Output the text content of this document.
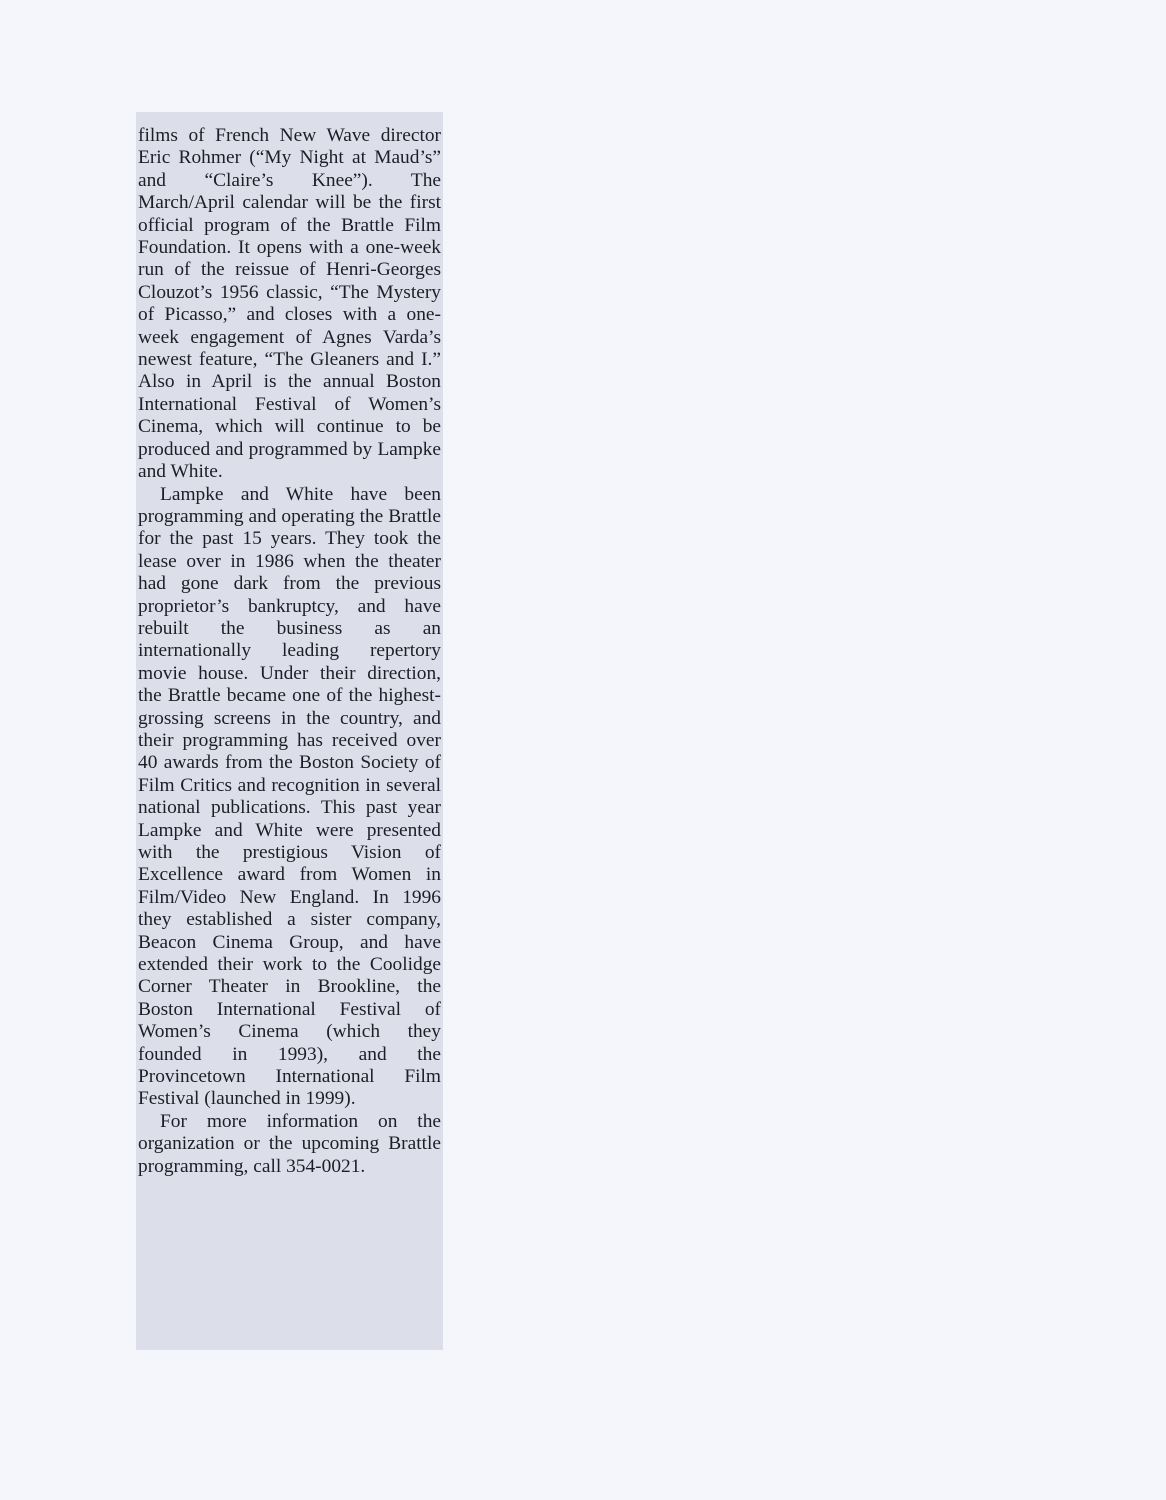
films of French New Wave director Eric Rohmer (“My Night at Maud’s” and “Claire’s Knee”). The March/April calendar will be the first official program of the Brattle Film Foundation. It opens with a one-week run of the reissue of Henri-Georges Clouzot’s 1956 classic, “The Mystery of Picasso,” and closes with a one-week engagement of Agnes Varda’s newest feature, “The Gleaners and I.” Also in April is the annual Boston International Festival of Women’s Cinema, which will continue to be produced and programmed by Lampke and White.

Lampke and White have been programming and operating the Brattle for the past 15 years. They took the lease over in 1986 when the theater had gone dark from the previous proprietor’s bankruptcy, and have rebuilt the business as an internationally leading repertory movie house. Under their direction, the Brattle became one of the highest-grossing screens in the country, and their programming has received over 40 awards from the Boston Society of Film Critics and recognition in several national publications. This past year Lampke and White were presented with the prestigious Vision of Excellence award from Women in Film/Video New England. In 1996 they established a sister company, Beacon Cinema Group, and have extended their work to the Coolidge Corner Theater in Brookline, the Boston International Festival of Women’s Cinema (which they founded in 1993), and the Provincetown International Film Festival (launched in 1999).

For more information on the organization or the upcoming Brattle programming, call 354-0021.
